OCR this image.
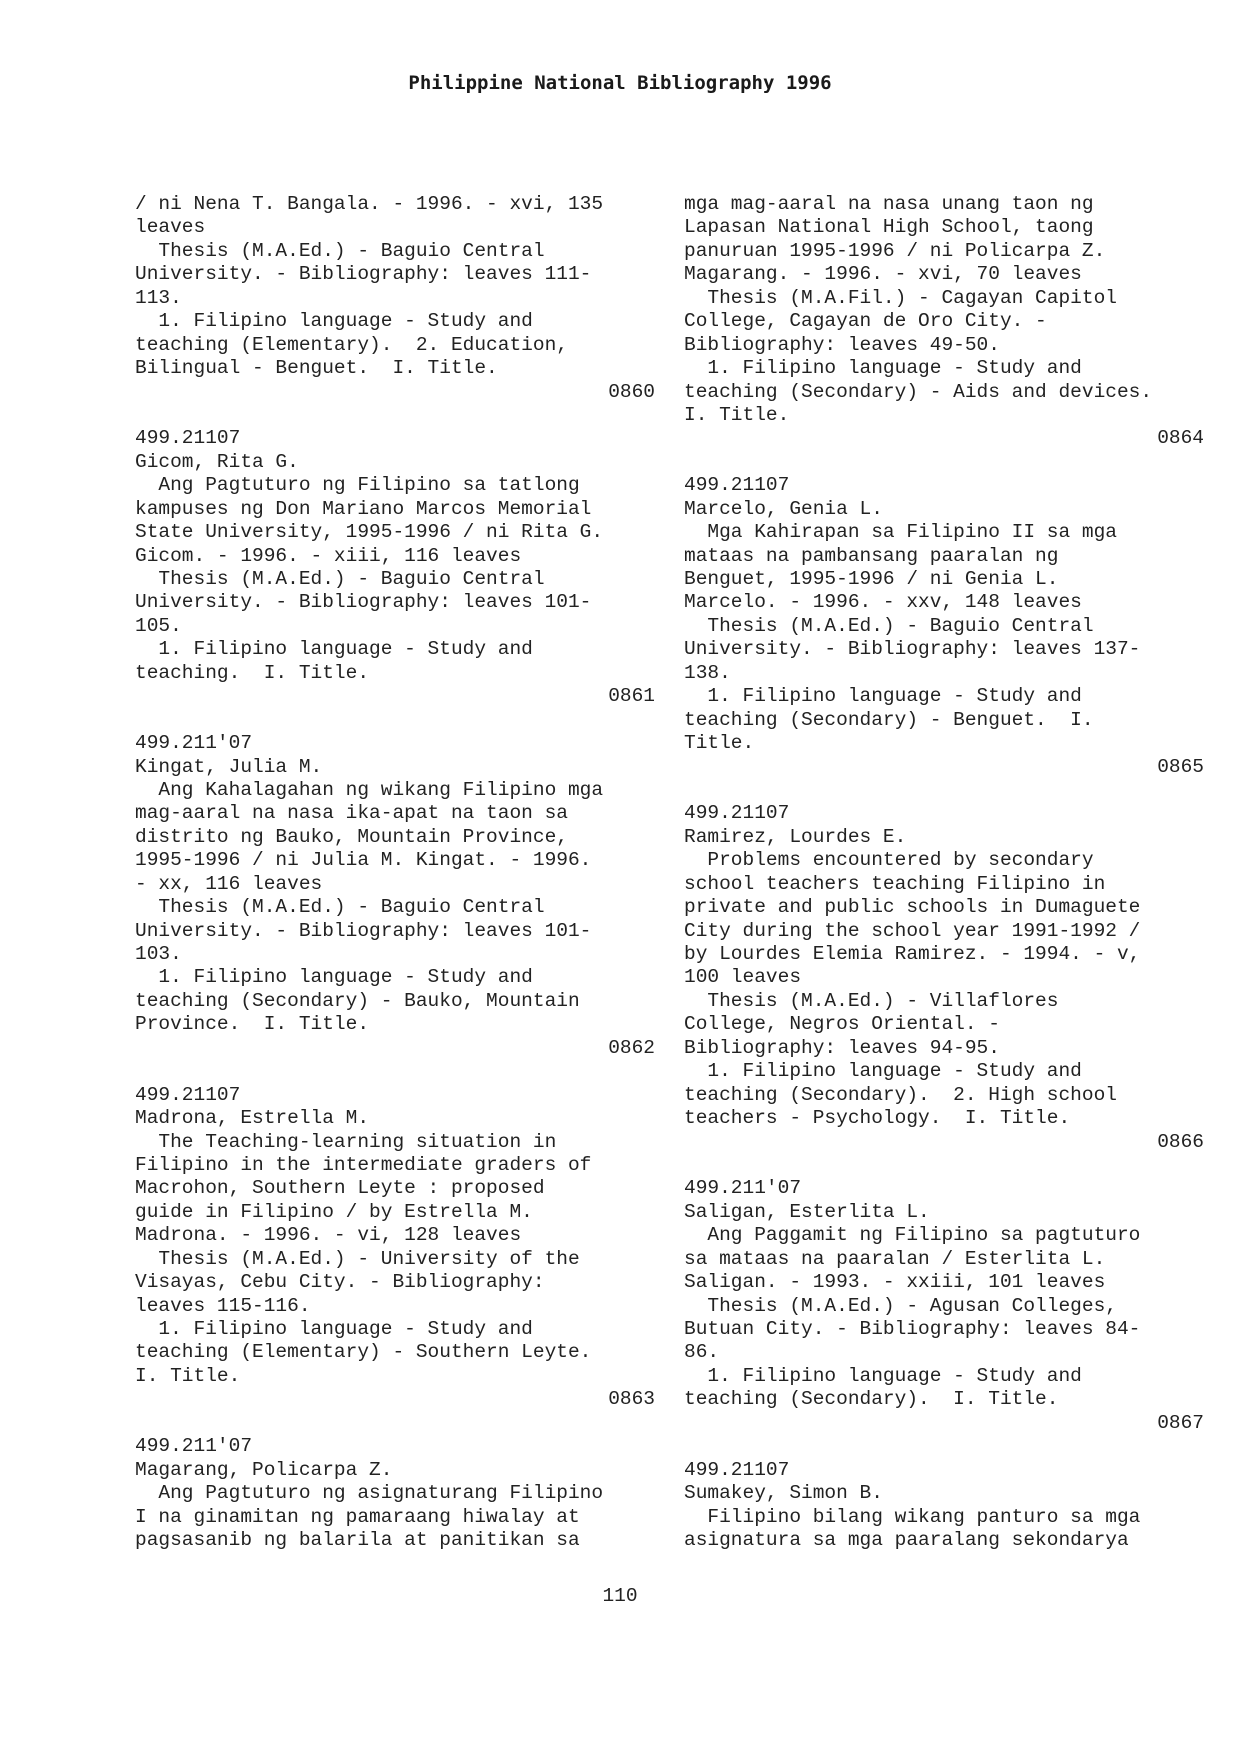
Philippine National Bibliography 1996
/ ni Nena T. Bangala. - 1996. - xvi, 135
leaves
Thesis (M.A.Ed.) - Baguio Central
University. - Bibliography: leaves 111-
113.
1. Filipino language - Study and
teaching (Elementary).  2. Education,
Bilingual - Benguet.  I. Title.
0860
499.21107
Gicom, Rita G.
Ang Pagtuturo ng Filipino sa tatlong
kampuses ng Don Mariano Marcos Memorial
State University, 1995-1996 / ni Rita G.
Gicom. - 1996. - xiii, 116 leaves
Thesis (M.A.Ed.) - Baguio Central
University. - Bibliography: leaves 101-
105.
1. Filipino language - Study and
teaching.  I. Title.
0861
499.211'07
Kingat, Julia M.
Ang Kahalagahan ng wikang Filipino mga
mag-aaral na nasa ika-apat na taon sa
distrito ng Bauko, Mountain Province,
1995-1996 / ni Julia M. Kingat. - 1996.
- xx, 116 leaves
Thesis (M.A.Ed.) - Baguio Central
University. - Bibliography: leaves 101-
103.
1. Filipino language - Study and
teaching (Secondary) - Bauko, Mountain
Province.  I. Title.
0862
499.21107
Madrona, Estrella M.
The Teaching-learning situation in
Filipino in the intermediate graders of
Macrohon, Southern Leyte : proposed
guide in Filipino / by Estrella M.
Madrona. - 1996. - vi, 128 leaves
Thesis (M.A.Ed.) - University of the
Visayas, Cebu City. - Bibliography:
leaves 115-116.
1. Filipino language - Study and
teaching (Elementary) - Southern Leyte.
I. Title.
0863
499.211'07
Magarang, Policarpa Z.
Ang Pagtuturo ng asignaturang Filipino
I na ginamitan ng pamaraang hiwalay at
pagsasanib ng balarila at panitikan sa
mga mag-aaral na nasa unang taon ng
Lapasan National High School, taong
panuruan 1995-1996 / ni Policarpa Z.
Magarang. - 1996. - xvi, 70 leaves
Thesis (M.A.Fil.) - Cagayan Capitol
College, Cagayan de Oro City. -
Bibliography: leaves 49-50.
1. Filipino language - Study and
teaching (Secondary) - Aids and devices.
I. Title.
0864
499.21107
Marcelo, Genia L.
Mga Kahirapan sa Filipino II sa mga
mataas na pambansang paaralan ng
Benguet, 1995-1996 / ni Genia L.
Marcelo. - 1996. - xxv, 148 leaves
Thesis (M.A.Ed.) - Baguio Central
University. - Bibliography: leaves 137-
138.
1. Filipino language - Study and
teaching (Secondary) - Benguet.  I.
Title.
0865
499.21107
Ramirez, Lourdes E.
Problems encountered by secondary
school teachers teaching Filipino in
private and public schools in Dumaguete
City during the school year 1991-1992 /
by Lourdes Elemia Ramirez. - 1994. - v,
100 leaves
Thesis (M.A.Ed.) - Villaflores
College, Negros Oriental. -
Bibliography: leaves 94-95.
1. Filipino language - Study and
teaching (Secondary).  2. High school
teachers - Psychology.  I. Title.
0866
499.211'07
Saligan, Esterlita L.
Ang Paggamit ng Filipino sa pagtuturo
sa mataas na paaralan / Esterlita L.
Saligan. - 1993. - xxiii, 101 leaves
Thesis (M.A.Ed.) - Agusan Colleges,
Butuan City. - Bibliography: leaves 84-
86.
1. Filipino language - Study and
teaching (Secondary).  I. Title.
0867
499.21107
Sumakey, Simon B.
Filipino bilang wikang panturo sa mga
asignatura sa mga paaralang sekondarya
110
